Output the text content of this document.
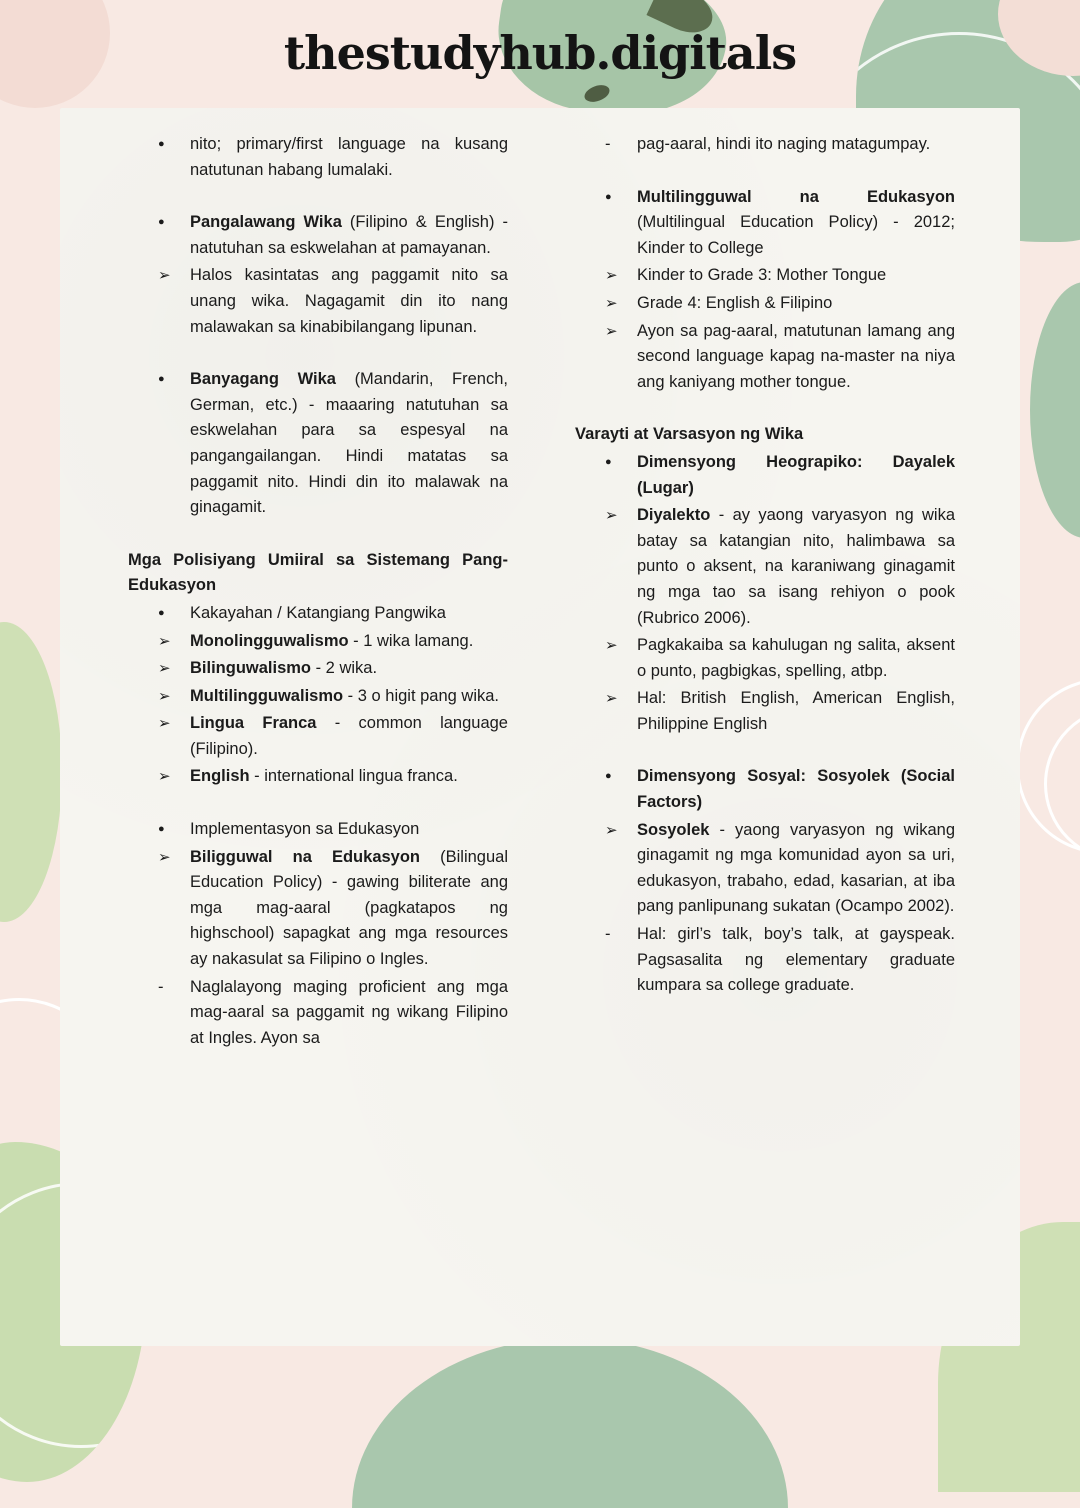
thestudyhub.digitals
●	nito; primary/first language na kusang natutunan habang lumalaki.
●	Pangalawang Wika (Filipino & English) - natutuhan sa eskwelahan at pamayanan.
➢	Halos kasintatas ang paggamit nito sa unang wika. Nagagamit din ito nang malawakan sa kinabibilangang lipunan.
●	Banyagang Wika (Mandarin, French, German, etc.) - maaaring natutuhan sa eskwelahan para sa espesyal na pangangailangan. Hindi matatas sa paggamit nito. Hindi din ito malawak na ginagamit.
Mga Polisiyang Umiiral sa Sistemang Pang-Edukasyon
●	Kakayahan / Katangiang Pangwika
➢	Monolingguwalismo - 1 wika lamang.
➢	Bilinguwalismo - 2 wika.
➢	Multilingguwalismo - 3 o higit pang wika.
➢	Lingua Franca - common language (Filipino).
➢	English - international lingua franca.
●	Implementasyon sa Edukasyon
➢	Biligguwal na Edukasyon (Bilingual Education Policy) - gawing biliterate ang mga mag-aaral (pagkatapos ng highschool) sapagkat ang mga resources ay nakasulat sa Filipino o Ingles.
-	Naglalayong maging proficient ang mga mag-aaral sa paggamit ng wikang Filipino at Ingles. Ayon sa
-	pag-aaral, hindi ito naging matagumpay.
●	Multilingguwal na Edukasyon (Multilingual Education Policy) - 2012; Kinder to College
➢	Kinder to Grade 3: Mother Tongue
➢	Grade 4: English & Filipino
➢	Ayon sa pag-aaral, matutunan lamang ang second language kapag na-master na niya ang kaniyang mother tongue.
Varayti at Varsasyon ng Wika
●	Dimensyong Heograpiko: Dayalek (Lugar)
➢	Diyalekto - ay yaong varyasyon ng wika batay sa katangian nito, halimbawa sa punto o aksent, na karaniwang ginagamit ng mga tao sa isang rehiyon o pook (Rubrico 2006).
➢	Pagkakaiba sa kahulugan ng salita, aksent o punto, pagbigkas, spelling, atbp.
➢	Hal: British English, American English, Philippine English
●	Dimensyong Sosyal: Sosyolek (Social Factors)
➢	Sosyolek - yaong varyasyon ng wikang ginagamit ng mga komunidad ayon sa uri, edukasyon, trabaho, edad, kasarian, at iba pang panlipunang sukatan (Ocampo 2002).
-	Hal: girl’s talk, boy’s talk, at gayspeak. Pagsasalita ng elementary graduate kumpara sa college graduate.
